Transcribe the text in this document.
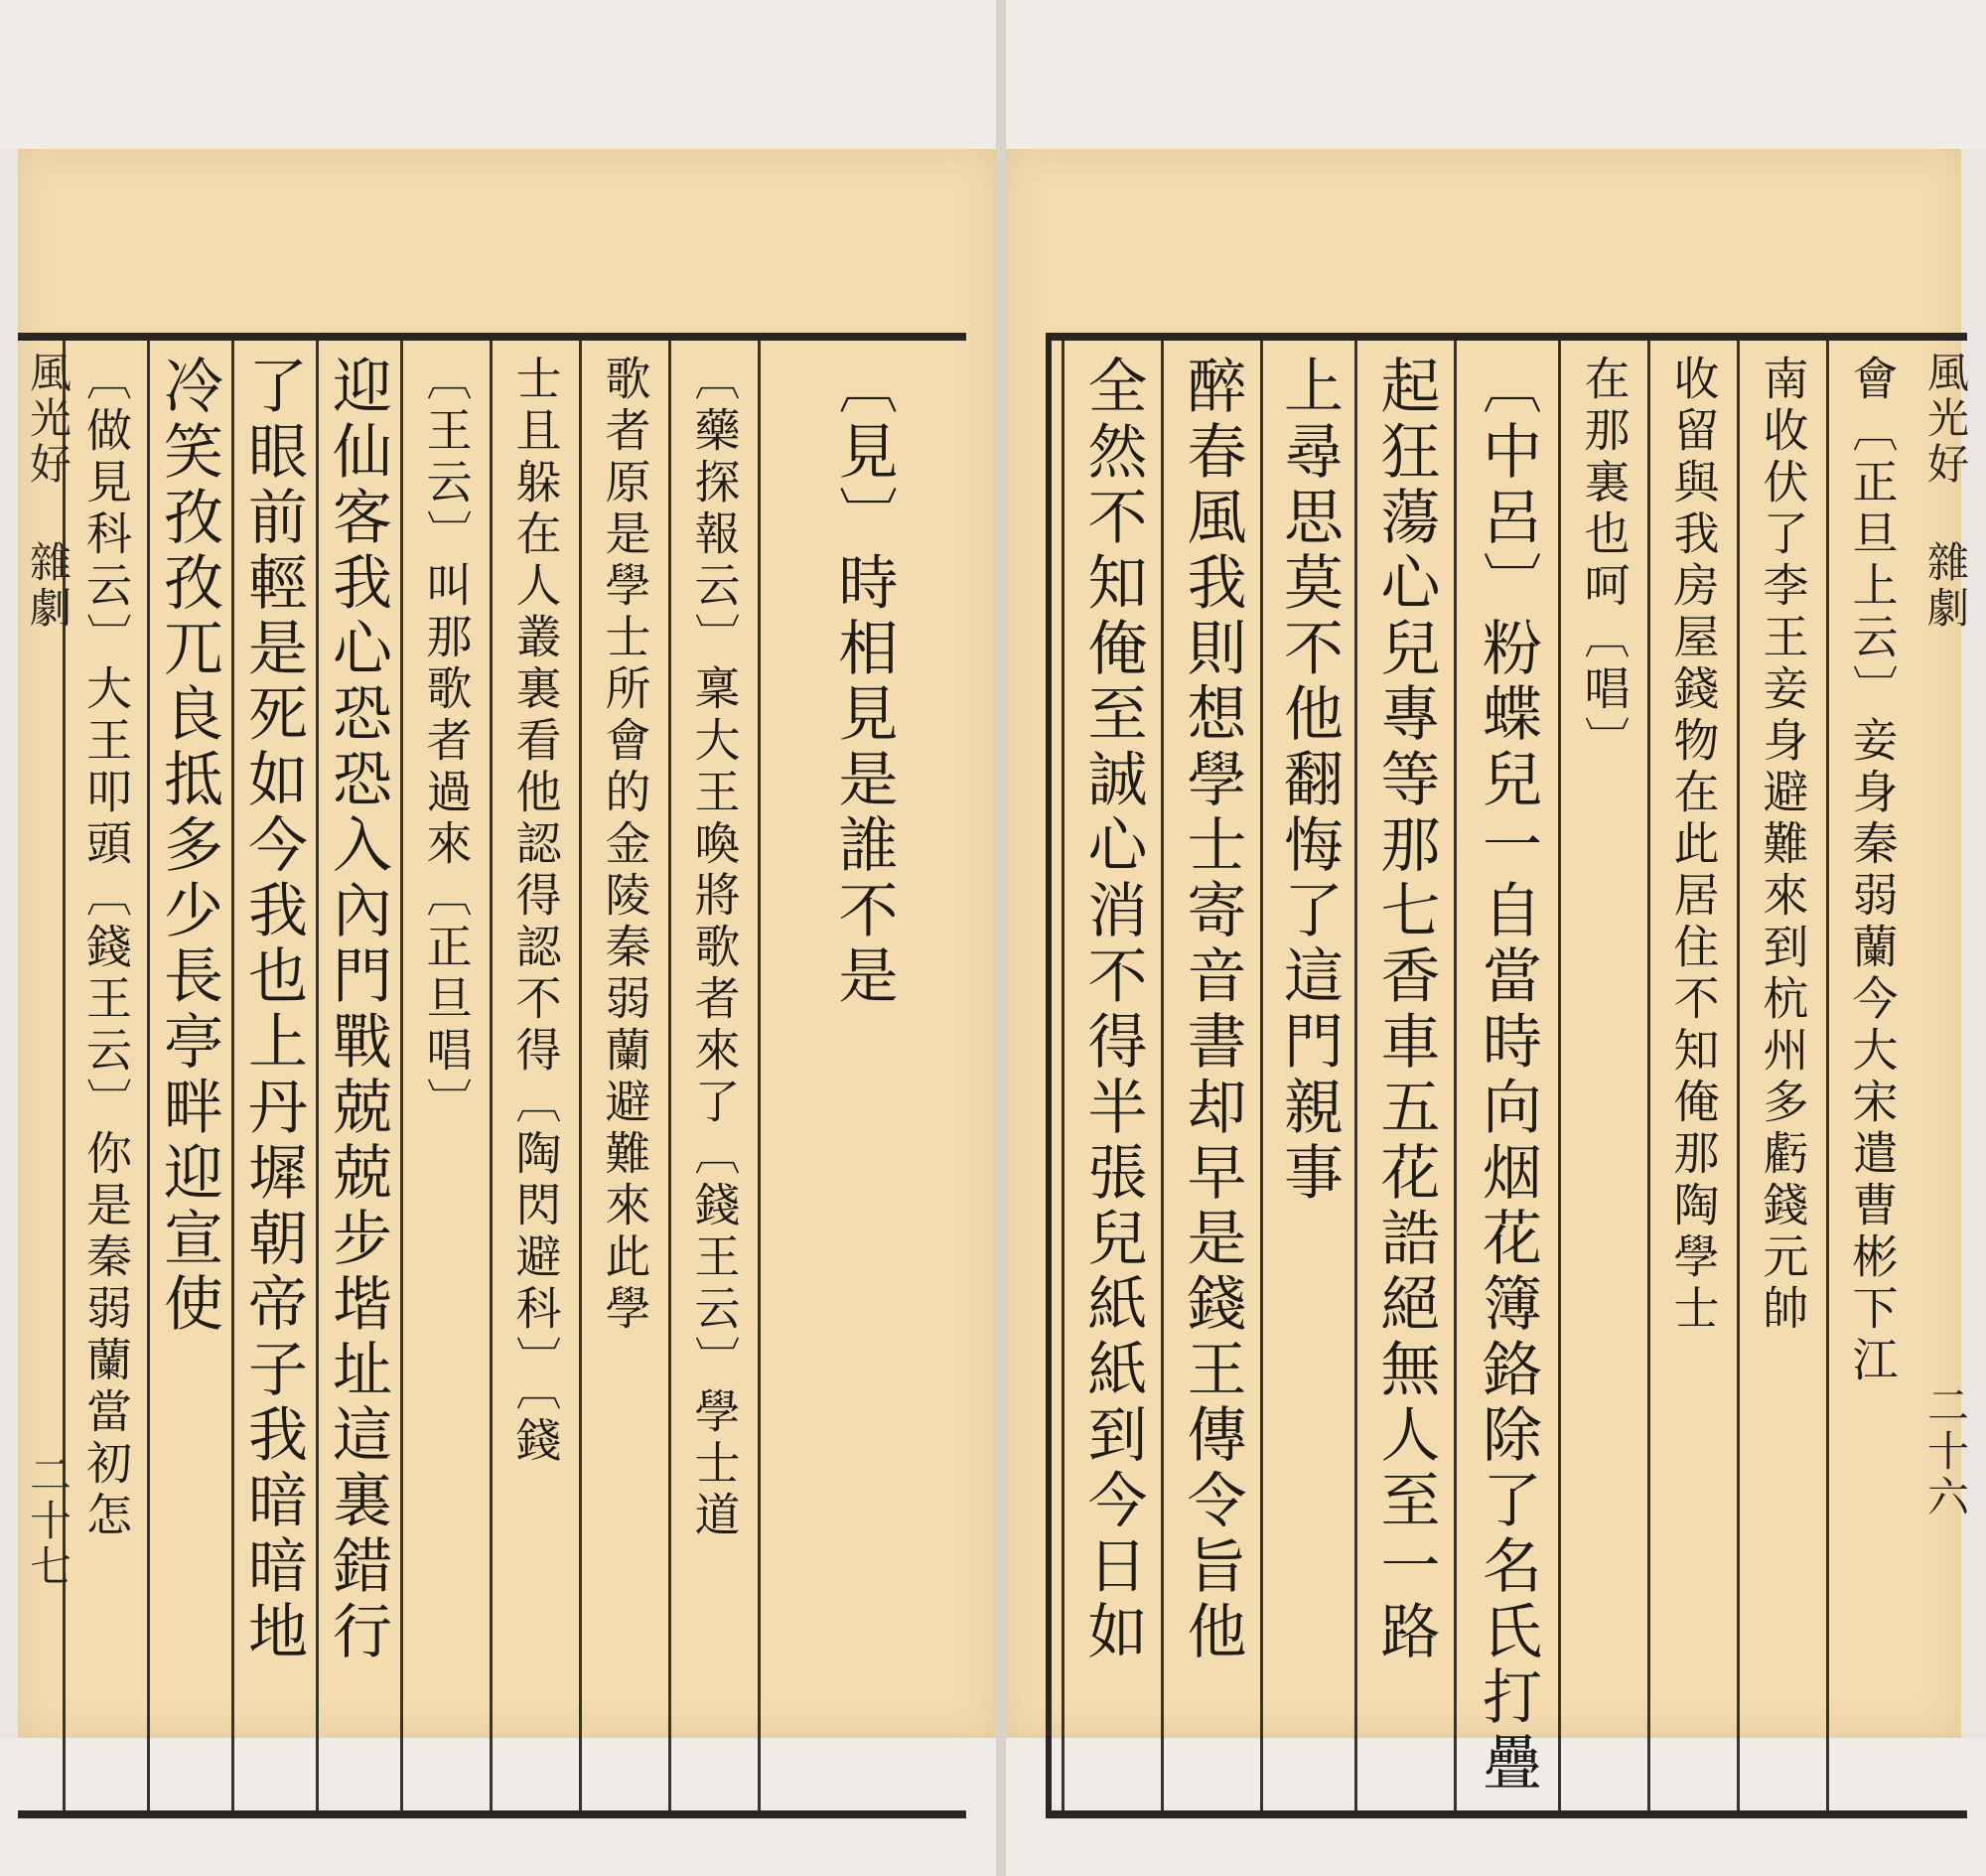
〔見〕時相見是誰不是
〔藥探報云〕稟大王喚將歌者來了〔錢王云〕學士道
歌者原是學士所會的金陵秦弱蘭避難來此學
士且躲在人叢裏看他認得認不得〔陶閃避科〕〔錢
〔王云〕叫那歌者過來〔正旦唱〕
迎仙客我心恐恐入內門戰兢兢步堦址這裏錯行
了眼前輕是死如今我也上丹墀朝帝子我暗暗地
冷笑孜孜兀良抵多少長亭畔迎宣使
〔做見科云〕大王叩頭〔錢王云〕你是秦弱蘭當初怎
風光好 雜劇
二十七
風光好 雜劇
二十六
會〔正旦上云〕妾身秦弱蘭今大宋遣曹彬下江
南收伏了李王妾身避難來到杭州多虧錢元帥
收留與我房屋錢物在此居住不知俺那陶學士
在那裏也呵〔唱〕
〔中呂〕粉蝶兒一自當時向烟花簿鉻除了名氏打疊
起狂蕩心兒專等那七香車五花誥絕無人至一路
上尋思莫不他翻悔了這門親事
醉春風我則想學士寄音書却早是錢王傳令旨他
全然不知俺至誠心消不得半張兒紙紙到今日如
